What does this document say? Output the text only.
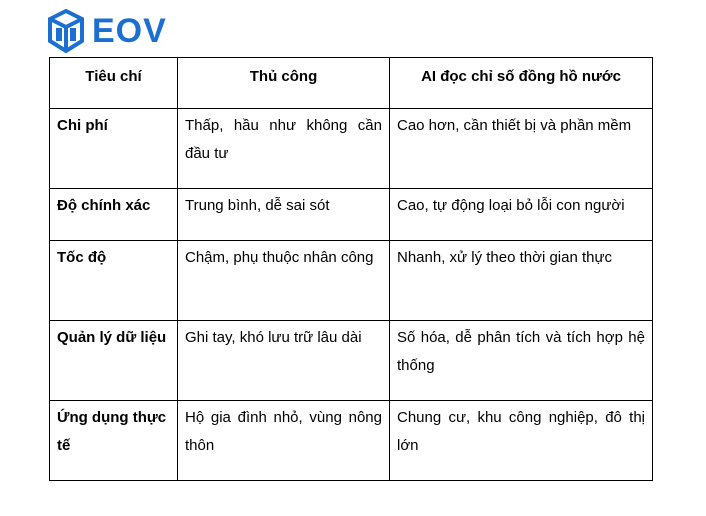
EOV
Tiêu chí	Thủ công	AI đọc chỉ số đồng hồ nước
Chi phí	Thấp, hầu như không cần đầu tư	Cao hơn, cần thiết bị và phần mềm
Độ chính xác	Trung bình, dễ sai sót	Cao, tự động loại bỏ lỗi con người
Tốc độ	Chậm, phụ thuộc nhân công	Nhanh, xử lý theo thời gian thực
Quản lý dữ liệu	Ghi tay, khó lưu trữ lâu dài	Số hóa, dễ phân tích và tích hợp hệ thống
Ứng dụng thực tế	Hộ gia đình nhỏ, vùng nông thôn	Chung cư, khu công nghiệp, đô thị lớn
